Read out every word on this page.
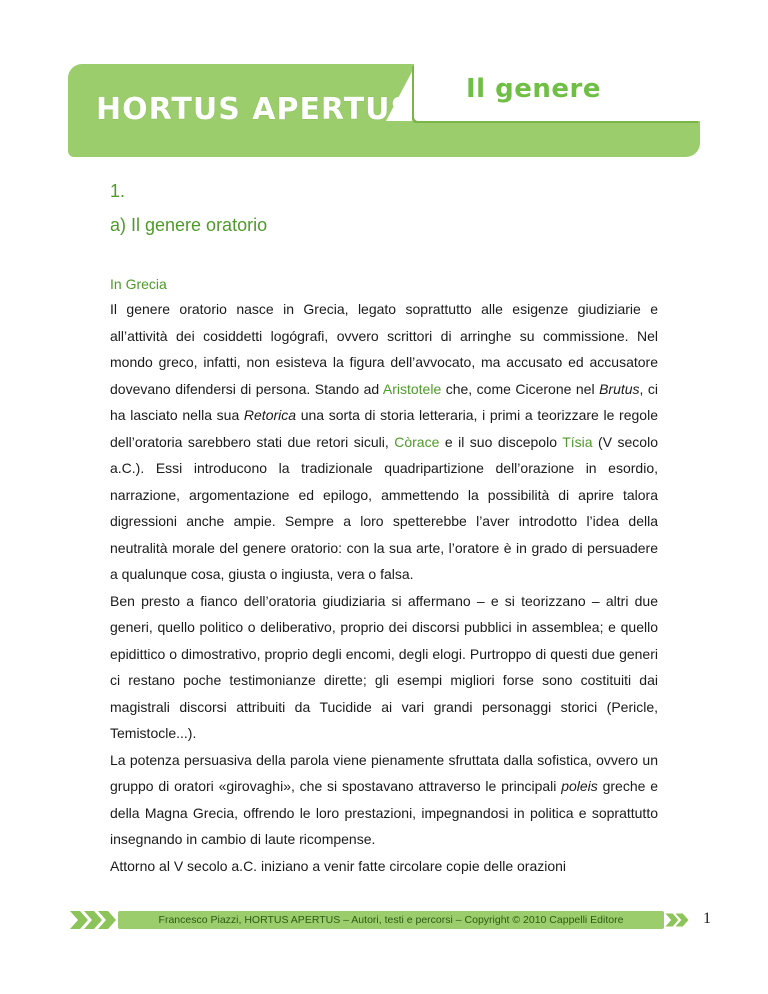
HORTUS APERTUS
Il genere
1.
a) Il genere oratorio
In Grecia

Il genere oratorio nasce in Grecia, legato soprattutto alle esigenze giudiziarie e all’attività dei cosiddetti logógrafi, ovvero scrittori di arringhe su commissione. Nel mondo greco, infatti, non esisteva la figura dell’avvocato, ma accusato ed accusatore dovevano difendersi di persona. Stando ad Aristotele che, come Cicerone nel Brutus, ci ha lasciato nella sua Retorica una sorta di storia letteraria, i primi a teorizzare le regole dell’oratoria sarebbero stati due retori siculi, Còrace e il suo discepolo Tísia (V secolo a.C.). Essi introducono la tradizionale quadripartizione dell’orazione in esordio, narrazione, argomentazione ed epilogo, ammettendo la possibilità di aprire talora digressioni anche ampie. Sempre a loro spetterebbe l’aver introdotto l’idea della neutralità morale del genere oratorio: con la sua arte, l’oratore è in grado di persuadere a qualunque cosa, giusta o ingiusta, vera o falsa.

Ben presto a fianco dell’oratoria giudiziaria si affermano – e si teorizzano – altri due generi, quello politico o deliberativo, proprio dei discorsi pubblici in assemblea; e quello epidittico o dimostrativo, proprio degli encomi, degli elogi. Purtroppo di questi due generi ci restano poche testimonianze dirette; gli esempi migliori forse sono costituiti dai magistrali discorsi attribuiti da Tucidide ai vari grandi personaggi storici (Pericle, Temistocle...).

La potenza persuasiva della parola viene pienamente sfruttata dalla sofistica, ovvero un gruppo di oratori «girovaghi», che si spostavano attraverso le principali poleis greche e della Magna Grecia, offrendo le loro prestazioni, impegnandosi in politica e soprattutto insegnando in cambio di laute ricompense.

Attorno al V secolo a.C. iniziano a venir fatte circolare copie delle orazioni

Francesco Piazzi, HORTUS APERTUS – Autori, testi e percorsi – Copyright © 2010 Cappelli Editore	1
